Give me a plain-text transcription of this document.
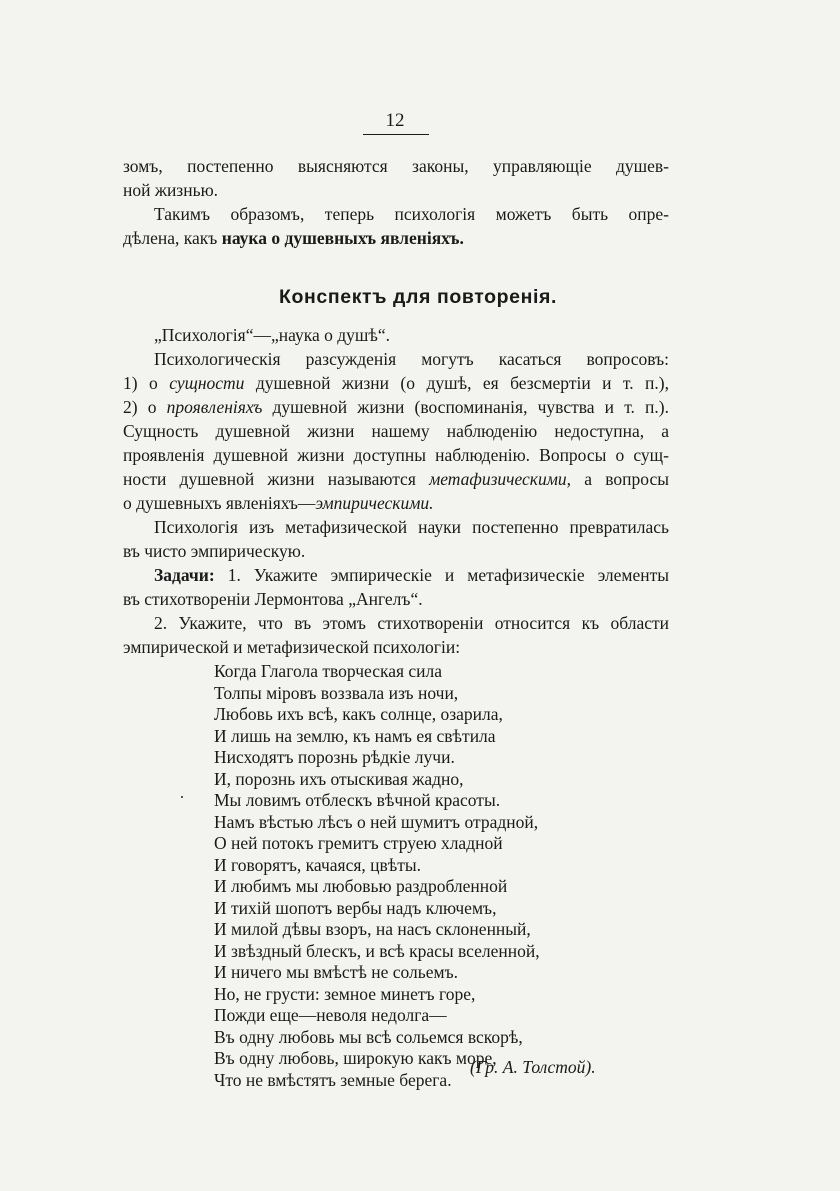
12
зомъ, постепенно выясняются законы, управляющіе душев-
ной жизнью.
Такимъ образомъ, теперь психологія можетъ быть опре-
дѣлена, какъ наука о душевныхъ явленіяхъ.
Конспектъ для повторенія.
„Психологія“—„наука о душѣ“.
Психологическія разсужденія могутъ касаться вопросовъ:
1) о сущности душевной жизни (о душѣ, ея безсмертіи и т. п.),
2) о проявленіяхъ душевной жизни (воспоминанія, чувства и т. п.).
Сущность душевной жизни нашему наблюденію недоступна, а
проявленія душевной жизни доступны наблюденію. Вопросы о сущ-
ности душевной жизни называются метафизическими, а вопросы
о душевныхъ явленіяхъ—эмпирическими.
Психологія изъ метафизической науки постепенно превратилась
въ чисто эмпирическую.
Задачи: 1. Укажите эмпирическіе и метафизическіе элементы
въ стихотвореніи Лермонтова „Ангелъ“.
2. Укажите, что въ этомъ стихотвореніи относится къ области
эмпирической и метафизической психологіи:
Когда Глагола творческая сила
Толпы міровъ воззвала изъ ночи,
Любовь ихъ всѣ, какъ солнце, озарила,
И лишь на землю, къ намъ ея свѣтила
Нисходятъ порознь рѣдкіе лучи.
И, порознь ихъ отыскивая жадно,
Мы ловимъ отблескъ вѣчной красоты.
Намъ вѣстью лѣсъ о ней шумитъ отрадной,
О ней потокъ гремитъ струею хладной
И говорятъ, качаяся, цвѣты.
И любимъ мы любовью раздробленной
И тихій шопотъ вербы надъ ключемъ,
И милой дѣвы взоръ, на насъ склоненный,
И звѣздный блескъ, и всѣ красы вселенной,
И ничего мы вмѣстѣ не сольемъ.
Но, не грусти: земное минетъ горе,
Пожди еще—неволя недолга—
Въ одну любовь мы всѣ сольемся вскорѣ,
Въ одну любовь, широкую какъ море,
Что не вмѣстятъ земные берега.
(Гр. А. Толстой).
